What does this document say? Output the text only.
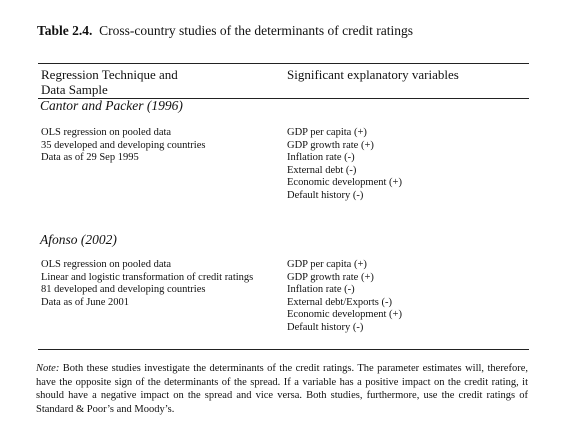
Table 2.4. Cross-country studies of the determinants of credit ratings
Regression Technique and
Data Sample
Significant explanatory variables
Cantor and Packer (1996)
OLS regression on pooled data
35 developed and developing countries
Data as of 29 Sep 1995
GDP per capita (+)
GDP growth rate (+)
Inflation rate (-)
External debt (-)
Economic development (+)
Default history (-)
Afonso (2002)
OLS regression on pooled data
Linear and logistic transformation of credit ratings
81 developed and developing countries
Data as of June 2001
GDP per capita (+)
GDP growth rate (+)
Inflation rate (-)
External debt/Exports (-)
Economic development (+)
Default history (-)
Note: Both these studies investigate the determinants of the credit ratings. The parameter estimates will, therefore, have the opposite sign of the determinants of the spread. If a variable has a positive impact on the credit rating, it should have a negative impact on the spread and vice versa. Both studies, furthermore, use the credit ratings of Standard & Poor’s and Moody’s.
